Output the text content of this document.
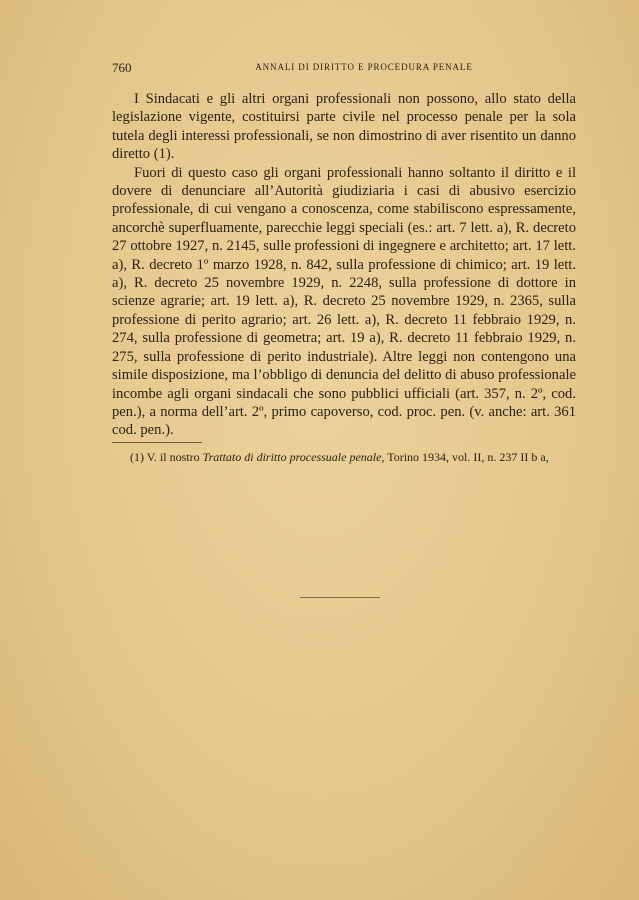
760	ANNALI DI DIRITTO E PROCEDURA PENALE

I Sindacati e gli altri organi professionali non possono, allo stato della legislazione vigente, costituirsi parte civile nel processo penale per la sola tutela degli interessi professionali, se non dimostrino di aver risentito un danno diretto (1).

Fuori di questo caso gli organi professionali hanno soltanto il diritto e il dovere di denunciare all’Autorità giudiziaria i casi di abusivo esercizio professionale, di cui vengano a conoscenza, come stabiliscono espressamente, ancorchè superfluamente, parecchie leggi speciali (es.: art. 7 lett. a), R. decreto 27 ottobre 1927, n. 2145, sulle professioni di ingegnere e architetto; art. 17 lett. a), R. decreto 1º marzo 1928, n. 842, sulla professione di chimico; art. 19 lett. a), R. decreto 25 novembre 1929, n. 2248, sulla professione di dottore in scienze agrarie; art. 19 lett. a), R. decreto 25 novembre 1929, n. 2365, sulla professione di perito agrario; art. 26 lett. a), R. decreto 11 febbraio 1929, n. 274, sulla professione di geometra; art. 19 a), R. decreto 11 febbraio 1929, n. 275, sulla professione di perito industriale). Altre leggi non contengono una simile disposizione, ma l’obbligo di denuncia del delitto di abuso professionale incombe agli organi sindacali che sono pubblici ufficiali (art. 357, n. 2º, cod. pen.), a norma dell’art. 2º, primo capoverso, cod. proc. pen. (v. anche: art. 361 cod. pen.).

(1) V. il nostro Trattato di diritto processuale penale, Torino 1934, vol. II, n. 237 II b a,
